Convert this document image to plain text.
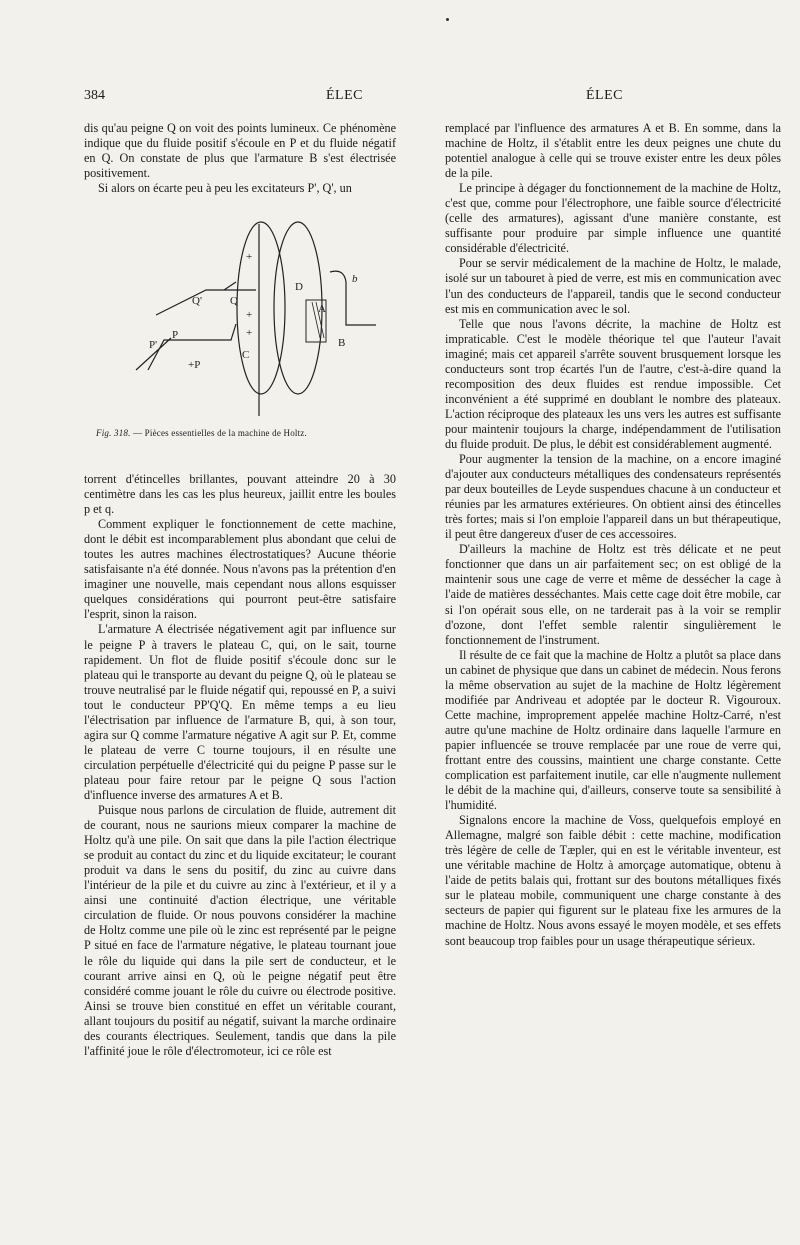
384	ÉLEC	ÉLEC

dis qu'au peigne Q on voit des points lumineux. Ce phénomène indique que du fluide positif s'écoule en P et du fluide négatif en Q. On constate de plus que l'armature B s'est électrisée positivement.

Si alors on écarte peu à peu les excitateurs P', Q', un

Q'	Q
P'
P
+P
C
D
A
B
b
+
+
+
Fig. 318. — Pièces essentielles de la machine de Holtz.

torrent d'étincelles brillantes, pouvant atteindre 20 à 30 centimètre dans les cas les plus heureux, jaillit entre les boules p et q.

Comment expliquer le fonctionnement de cette machine, dont le débit est incomparablement plus abondant que celui de toutes les autres machines électrostatiques? Aucune théorie satisfaisante n'a été donnée. Nous n'avons pas la prétention d'en imaginer une nouvelle, mais cependant nous allons esquisser quelques considérations qui pourront peut-être satisfaire l'esprit, sinon la raison.

L'armature A électrisée négativement agit par influence sur le peigne P à travers le plateau C, qui, on le sait, tourne rapidement. Un flot de fluide positif s'écoule donc sur le plateau qui le transporte au devant du peigne Q, où le plateau se trouve neutralisé par le fluide négatif qui, repoussé en P, a suivi tout le conducteur PP'Q'Q. En même temps a eu lieu l'électrisation par influence de l'armature B, qui, à son tour, agira sur Q comme l'armature négative A agit sur P. Et, comme le plateau de verre C tourne toujours, il en résulte une circulation perpétuelle d'électricité qui du peigne P passe sur le plateau pour faire retour par le peigne Q sous l'action d'influence inverse des armatures A et B.

Puisque nous parlons de circulation de fluide, autrement dit de courant, nous ne saurions mieux comparer la machine de Holtz qu'à une pile. On sait que dans la pile l'action électrique se produit au contact du zinc et du liquide excitateur; le courant produit va dans le sens du positif, du zinc au cuivre dans l'intérieur de la pile et du cuivre au zinc à l'extérieur, et il y a ainsi une continuité d'action électrique, une véritable circulation de fluide. Or nous pouvons considérer la machine de Holtz comme une pile où le zinc est représenté par le peigne P situé en face de l'armature négative, le plateau tournant joue le rôle du liquide qui dans la pile sert de conducteur, et le courant arrive ainsi en Q, où le peigne négatif peut être considéré comme jouant le rôle du cuivre ou électrode positive. Ainsi se trouve bien constitué en effet un véritable courant, allant toujours du positif au négatif, suivant la marche ordinaire des courants électriques. Seulement, tandis que dans la pile l'affinité joue le rôle d'électromoteur, ici ce rôle est

remplacé par l'influence des armatures A et B. En somme, dans la machine de Holtz, il s'établit entre les deux peignes une chute du potentiel analogue à celle qui se trouve exister entre les deux pôles de la pile.

Le principe à dégager du fonctionnement de la machine de Holtz, c'est que, comme pour l'électrophore, une faible source d'électricité (celle des armatures), agissant d'une manière constante, est suffisante pour produire par simple influence une quantité considérable d'électricité.

Pour se servir médicalement de la machine de Holtz, le malade, isolé sur un tabouret à pied de verre, est mis en communication avec l'un des conducteurs de l'appareil, tandis que le second conducteur est mis en communication avec le sol.

Telle que nous l'avons décrite, la machine de Holtz est impraticable. C'est le modèle théorique tel que l'auteur l'avait imaginé; mais cet appareil s'arrête souvent brusquement lorsque les conducteurs sont trop écartés l'un de l'autre, c'est-à-dire quand la recomposition des deux fluides est rendue impossible. Cet inconvénient a été supprimé en doublant le nombre des plateaux. L'action réciproque des plateaux les uns vers les autres est suffisante pour maintenir toujours la charge, indépendamment de l'utilisation du fluide produit. De plus, le débit est considérablement augmenté.

Pour augmenter la tension de la machine, on a encore imaginé d'ajouter aux conducteurs métalliques des condensateurs représentés par deux bouteilles de Leyde suspendues chacune à un conducteur et réunies par les armatures extérieures. On obtient ainsi des étincelles très fortes; mais si l'on emploie l'appareil dans un but thérapeutique, il peut être dangereux d'user de ces accessoires.

D'ailleurs la machine de Holtz est très délicate et ne peut fonctionner que dans un air parfaitement sec; on est obligé de la maintenir sous une cage de verre et même de dessécher la cage à l'aide de matières desséchantes. Mais cette cage doit être mobile, car si l'on opérait sous elle, on ne tarderait pas à la voir se remplir d'ozone, dont l'effet semble ralentir singulièrement le fonctionnement de l'instrument.

Il résulte de ce fait que la machine de Holtz a plutôt sa place dans un cabinet de physique que dans un cabinet de médecin. Nous ferons la même observation au sujet de la machine de Holtz légèrement modifiée par Andriveau et adoptée par le docteur R. Vigouroux. Cette machine, improprement appelée machine Holtz-Carré, n'est autre qu'une machine de Holtz ordinaire dans laquelle l'armure en papier influencée se trouve remplacée par une roue de verre qui, frottant entre des coussins, maintient une charge constante. Cette complication est parfaitement inutile, car elle n'augmente nullement le débit de la machine qui, d'ailleurs, conserve toute sa sensibilité à l'humidité.

Signalons encore la machine de Voss, quelquefois employé en Allemagne, malgré son faible débit : cette machine, modification très légère de celle de Tæpler, qui en est le véritable inventeur, est une véritable machine de Holtz à amorçage automatique, obtenu à l'aide de petits balais qui, frottant sur des boutons métalliques fixés sur le plateau mobile, communiquent une charge constante à des secteurs de papier qui figurent sur le plateau fixe les armures de la machine de Holtz. Nous avons essayé le moyen modèle, et ses effets sont beaucoup trop faibles pour un usage thérapeutique sérieux.
